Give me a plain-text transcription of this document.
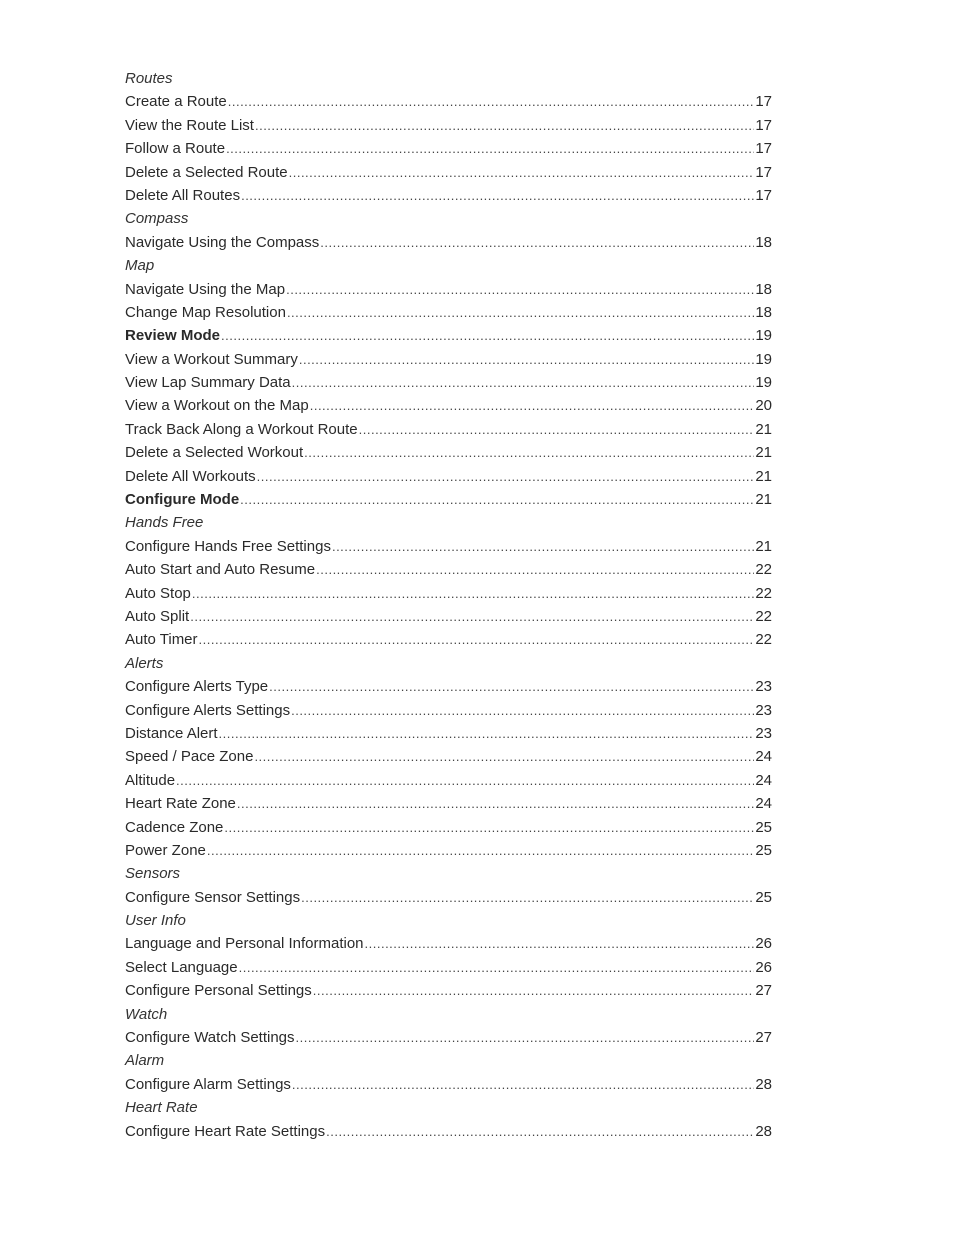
Routes
Create a Route .....	17
View the Route List .....	17
Follow a Route .....	17
Delete a Selected Route .....	17
Delete All Routes .....	17
Compass
Navigate Using the Compass .....	18
Map
Navigate Using the Map .....	18
Change Map Resolution .....	18
Review Mode .....	19
View a Workout Summary .....	19
View Lap Summary Data .....	19
View a Workout on the Map .....	20
Track Back Along a Workout Route .....	21
Delete a Selected Workout .....	21
Delete All Workouts .....	21
Configure Mode .....	21
Hands Free
Configure Hands Free Settings .....	21
Auto Start and Auto Resume .....	22
Auto Stop .....	22
Auto Split .....	22
Auto Timer .....	22
Alerts
Configure Alerts Type .....	23
Configure Alerts Settings .....	23
Distance Alert .....	23
Speed / Pace Zone .....	24
Altitude .....	24
Heart Rate Zone .....	24
Cadence Zone .....	25
Power Zone .....	25
Sensors
Configure Sensor Settings .....	25
User Info
Language and Personal Information .....	26
Select Language .....	26
Configure Personal Settings .....	27
Watch
Configure Watch Settings .....	27
Alarm
Configure Alarm Settings .....	28
Heart Rate
Configure Heart Rate Settings .....	28
